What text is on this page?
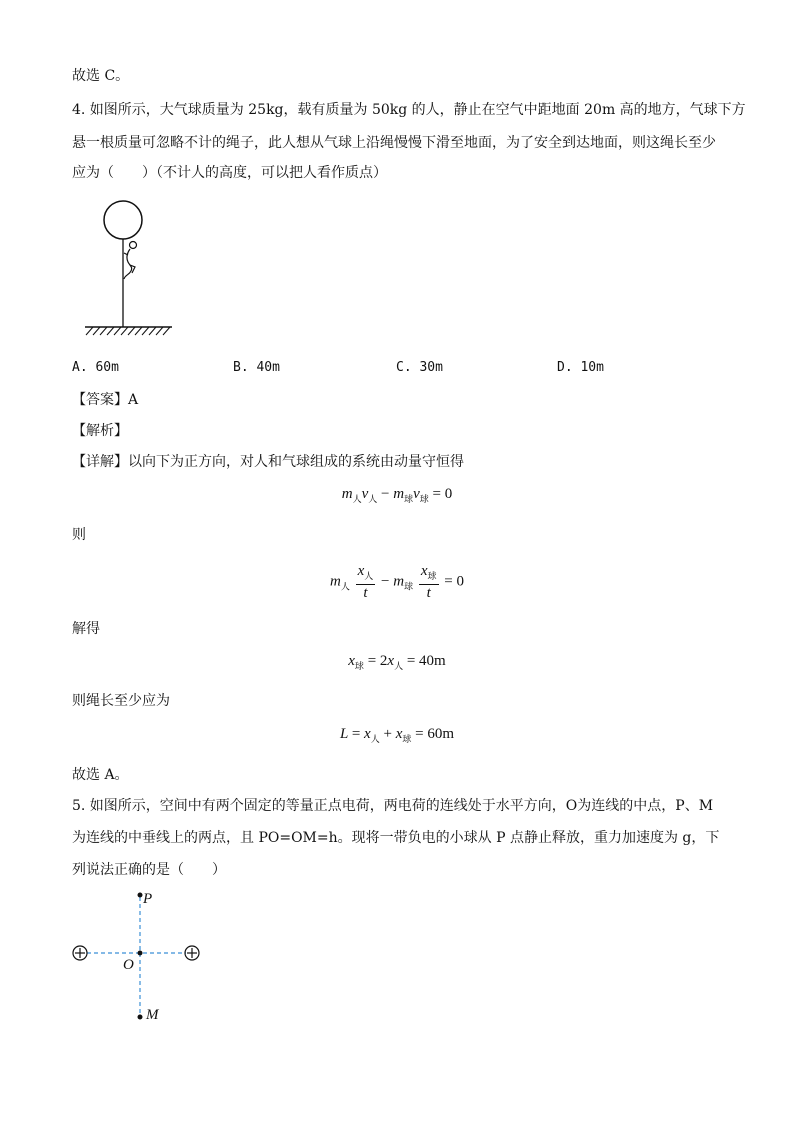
故选 C。
4. 如图所示，大气球质量为 25kg，载有质量为 50kg 的人，静止在空气中距地面 20m 高的地方，气球下方
悬一根质量可忽略不计的绳子，此人想从气球上沿绳慢慢下滑至地面，为了安全到达地面，则这绳长至少
应为（　　）（不计人的高度，可以把人看作质点）
A. 60m	B. 40m	C. 30m	D. 10m
【答案】A
【解析】
【详解】以向下为正方向，对人和气球组成的系统由动量守恒得
$m_人v_人 - m_球v_球 = 0$
则
$m_人 \frac{x_人}{t} - m_球 \frac{x_球}{t} = 0$
解得
$x_球 = 2x_人 = 40m$
则绳长至少应为
$L = x_人 + x_球 = 60m$
故选 A。
5. 如图所示，空间中有两个固定的等量正点电荷，两电荷的连线处于水平方向，O为连线的中点，P、M为连线的中垂线上的两点，且 PO=OM=h。现将一带负电的小球从 P 点静止释放，重力加速度为 g，下列说法正确的是（　　）
P
O
M
